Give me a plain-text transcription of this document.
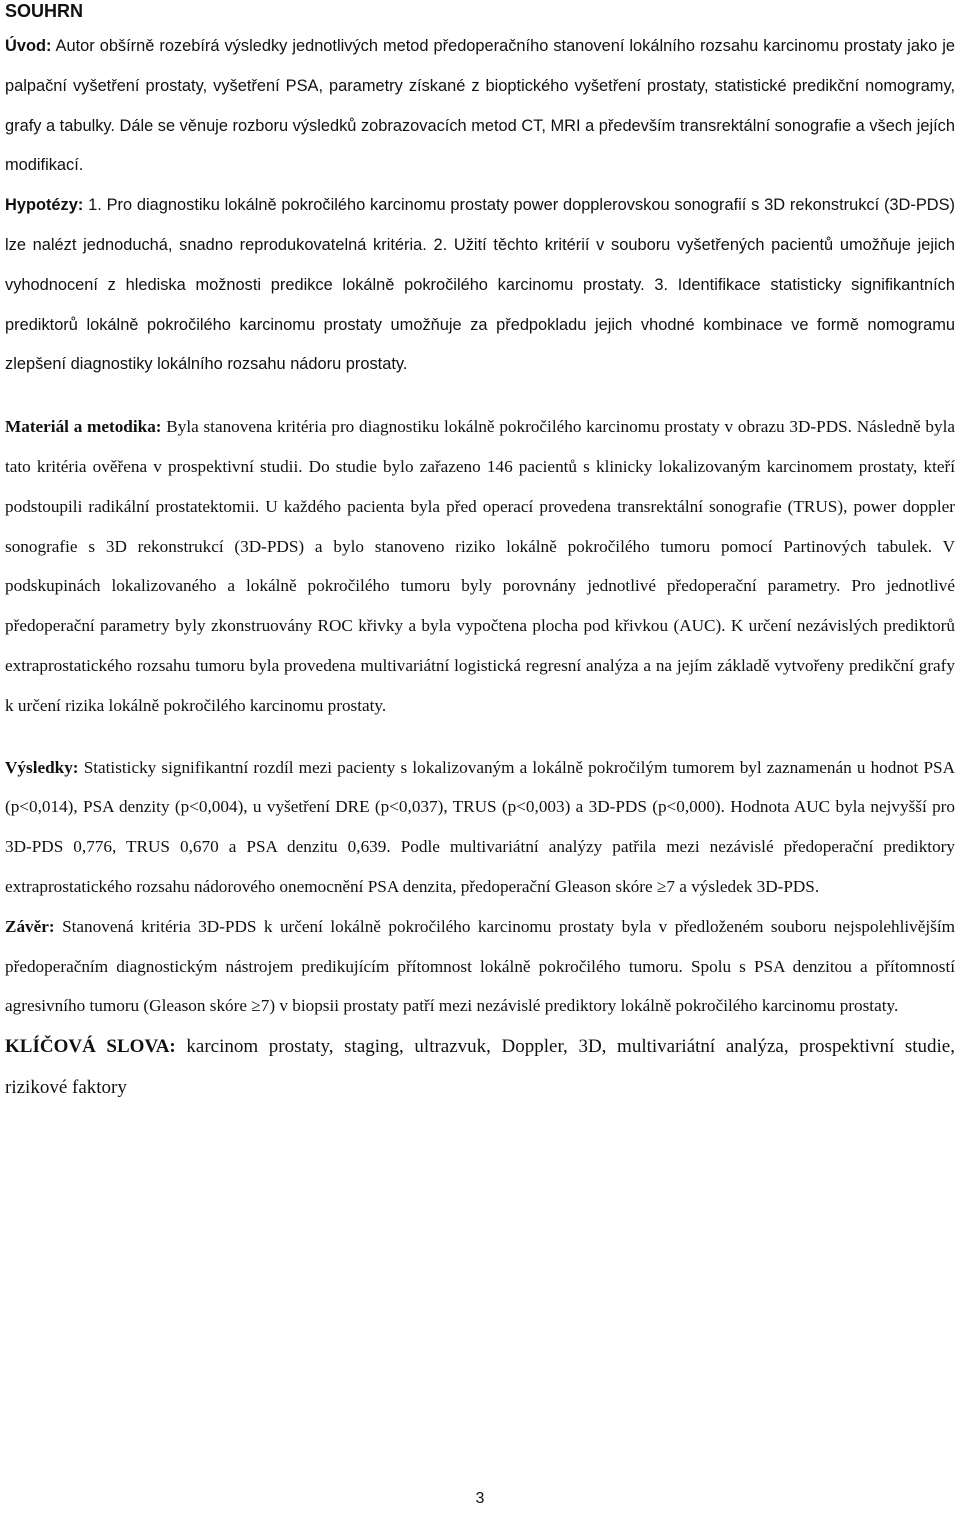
SOUHRN

Úvod: Autor obšírně rozebírá výsledky jednotlivých metod předoperačního stanovení lokálního rozsahu karcinomu prostaty jako je palpační vyšetření prostaty, vyšetření PSA, parametry získané z bioptického vyšetření prostaty, statistické predikční nomogramy, grafy a tabulky. Dále se věnuje rozboru výsledků zobrazovacích metod CT, MRI a především transrektální sonografie a všech jejích modifikací.

Hypotézy: 1. Pro diagnostiku lokálně pokročilého karcinomu prostaty power dopplerovskou sonografií s 3D rekonstrukcí (3D-PDS) lze nalézt jednoduchá, snadno reprodukovatelná kritéria. 2. Užití těchto kritérií v souboru vyšetřených pacientů umožňuje jejich vyhodnocení z hlediska možnosti predikce lokálně pokročilého karcinomu prostaty. 3. Identifikace statisticky signifikantních prediktorů lokálně pokročilého karcinomu prostaty umožňuje za předpokladu jejich vhodné kombinace ve formě nomogramu zlepšení diagnostiky lokálního rozsahu nádoru prostaty.

Materiál a metodika: Byla stanovena kritéria pro diagnostiku lokálně pokročilého karcinomu prostaty v obrazu 3D-PDS. Následně byla tato kritéria ověřena v prospektivní studii. Do studie bylo zařazeno 146 pacientů s klinicky lokalizovaným karcinomem prostaty, kteří podstoupili radikální prostatektomii. U každého pacienta byla před operací provedena transrektální sonografie (TRUS), power doppler sonografie s 3D rekonstrukcí (3D-PDS) a bylo stanoveno riziko lokálně pokročilého tumoru pomocí Partinových tabulek. V podskupinách lokalizovaného a lokálně pokročilého tumoru byly porovnány jednotlivé předoperační parametry. Pro jednotlivé předoperační parametry byly zkonstruovány ROC křivky a byla vypočtena plocha pod křivkou (AUC). K určení nezávislých prediktorů extraprostatického rozsahu tumoru byla provedena multivariátní logistická regresní analýza a na jejím základě vytvořeny predikční grafy k určení rizika lokálně pokročilého karcinomu prostaty.

Výsledky: Statisticky signifikantní rozdíl mezi pacienty s lokalizovaným a lokálně pokročilým tumorem byl zaznamenán u hodnot PSA (p<0,014), PSA denzity (p<0,004), u vyšetření DRE (p<0,037), TRUS (p<0,003) a 3D-PDS (p<0,000). Hodnota AUC byla nejvyšší pro 3D-PDS 0,776, TRUS 0,670 a PSA denzitu 0,639. Podle multivariátní analýzy patřila mezi nezávislé předoperační prediktory extraprostatického rozsahu nádorového onemocnění PSA denzita, předoperační Gleason skóre ≥7 a výsledek 3D-PDS.

Závěr: Stanovená kritéria 3D-PDS k určení lokálně pokročilého karcinomu prostaty byla v předloženém souboru nejspolehlivějším předoperačním diagnostickým nástrojem predikujícím přítomnost lokálně pokročilého tumoru. Spolu s PSA denzitou a přítomností agresivního tumoru (Gleason skóre ≥7) v biopsii prostaty patří mezi nezávislé prediktory lokálně pokročilého karcinomu prostaty.

KLÍČOVÁ SLOVA: karcinom prostaty, staging, ultrazvuk, Doppler, 3D, multivariátní analýza, prospektivní studie, rizikové faktory

3
